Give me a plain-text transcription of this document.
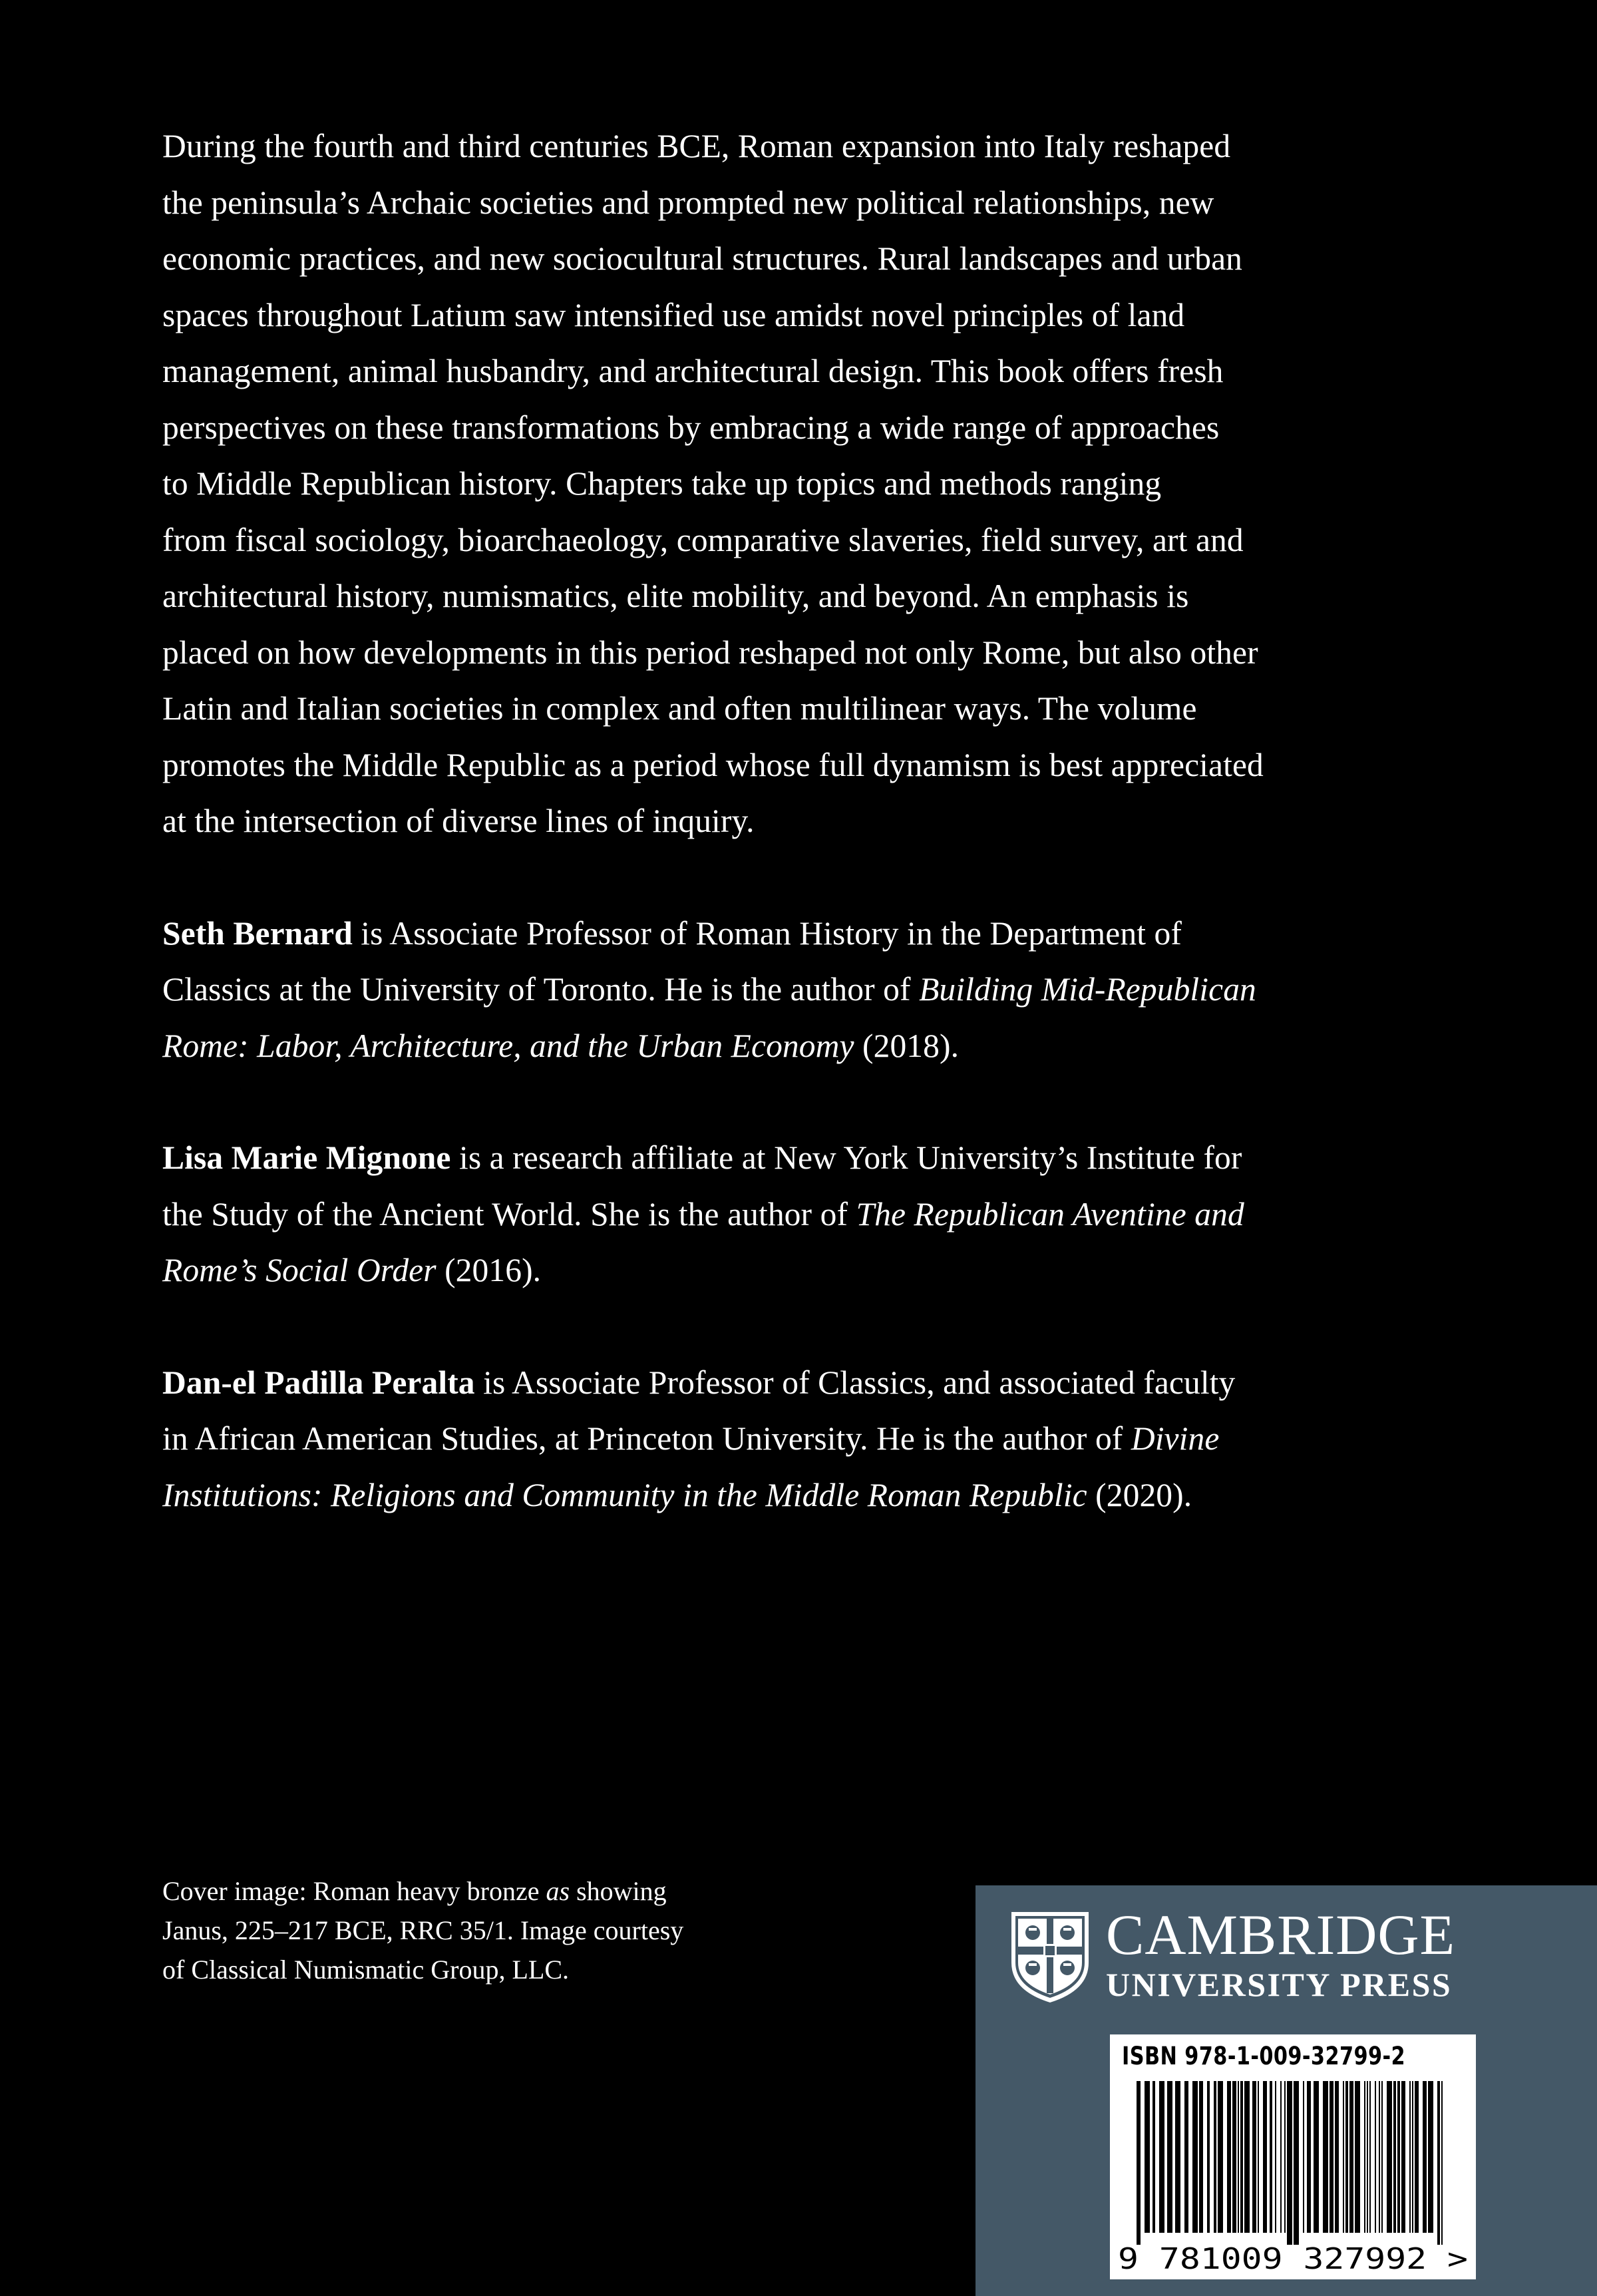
During the fourth and third centuries BCE, Roman expansion into Italy reshaped
the peninsula’s Archaic societies and prompted new political relationships, new
economic practices, and new sociocultural structures. Rural landscapes and urban
spaces throughout Latium saw intensified use amidst novel principles of land
management, animal husbandry, and architectural design. This book offers fresh
perspectives on these transformations by embracing a wide range of approaches
to Middle Republican history. Chapters take up topics and methods ranging
from fiscal sociology, bioarchaeology, comparative slaveries, field survey, art and
architectural history, numismatics, elite mobility, and beyond. An emphasis is
placed on how developments in this period reshaped not only Rome, but also other
Latin and Italian societies in complex and often multilinear ways. The volume
promotes the Middle Republic as a period whose full dynamism is best appreciated
at the intersection of diverse lines of inquiry.

Seth Bernard is Associate Professor of Roman History in the Department of
Classics at the University of Toronto. He is the author of Building Mid-Republican
Rome: Labor, Architecture, and the Urban Economy (2018).

Lisa Marie Mignone is a research affiliate at New York University’s Institute for
the Study of the Ancient World. She is the author of The Republican Aventine and
Rome’s Social Order (2016).

Dan-el Padilla Peralta is Associate Professor of Classics, and associated faculty
in African American Studies, at Princeton University. He is the author of Divine
Institutions: Religions and Community in the Middle Roman Republic (2020).

Cover image: Roman heavy bronze as showing
Janus, 225–217 BCE, RRC 35/1. Image courtesy
of Classical Numismatic Group, LLC.
CAMBRIDGE
UNIVERSITY PRESS
ISBN 978-1-009-32799-2
9 781009 327992 >
